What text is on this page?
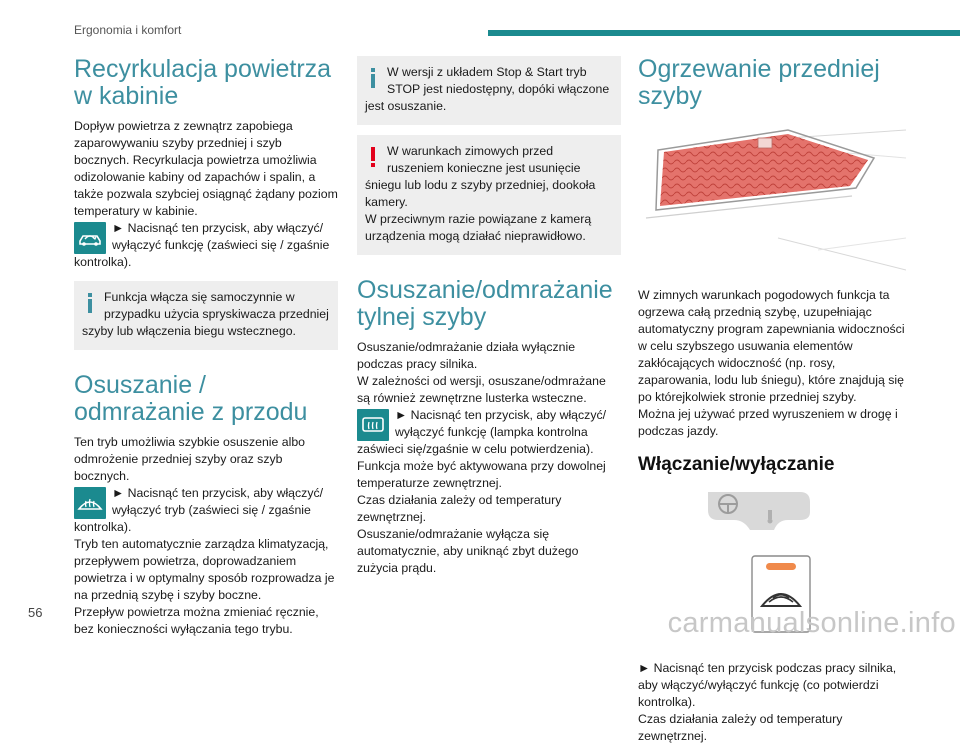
Ergonomia i komfort
Recyrkulacja powietrza w kabinie

Dopływ powietrza z zewnątrz zapobiega zaparowywaniu szyby przedniej i szyb bocznych. Recyrkulacja powietrza umożliwia odizolowanie kabiny od zapachów i spalin, a także pozwala szybciej osiągnąć żądany poziom temperatury w kabinie.

► Nacisnąć ten przycisk, aby włączyć/ wyłączyć funkcję (zaświeci się / zgaśnie kontrolka).

Funkcja włącza się samoczynnie w przypadku użycia spryskiwacza przedniej szyby lub włączenia biegu wstecznego.

Osuszanie / odmrażanie z przodu

Ten tryb umożliwia szybkie osuszenie albo odmrożenie przedniej szyby oraz szyb bocznych.

► Nacisnąć ten przycisk, aby włączyć/ wyłączyć tryb (zaświeci się / zgaśnie kontrolka).

Tryb ten automatycznie zarządza klimatyzacją, przepływem powietrza, doprowadzaniem powietrza i w optymalny sposób rozprowadza je na przednią szybę i szyby boczne.

Przepływ powietrza można zmieniać ręcznie, bez konieczności wyłączania tego trybu.

W wersji z układem Stop & Start tryb STOP jest niedostępny, dopóki włączone jest osuszanie.

W warunkach zimowych przed ruszeniem konieczne jest usunięcie śniegu lub lodu z szyby przedniej, dookoła kamery.

W przeciwnym razie powiązane z kamerą urządzenia mogą działać nieprawidłowo.

Osuszanie/odmrażanie tylnej szyby

Osuszanie/odmrażanie działa wyłącznie podczas pracy silnika.

W zależności od wersji, osuszane/odmrażane są również zewnętrzne lusterka wsteczne.

► Nacisnąć ten przycisk, aby włączyć/ wyłączyć funkcję (lampka kontrolna zaświeci się/zgaśnie w celu potwierdzenia).

Funkcja może być aktywowana przy dowolnej temperaturze zewnętrznej.

Czas działania zależy od temperatury zewnętrznej.

Osuszanie/odmrażanie wyłącza się automatycznie, aby uniknąć zbyt dużego zużycia prądu.

Ogrzewanie przedniej szyby

W zimnych warunkach pogodowych funkcja ta ogrzewa całą przednią szybę, uzupełniając automatyczny program zapewniania widoczności w celu szybszego usuwania elementów zakłócających widoczność (np. rosy, zaparowania, lodu lub śniegu), które znajdują się po którejkolwiek stronie przedniej szyby.

Można jej używać przed wyruszeniem w drogę i podczas jazdy.

Włączanie/wyłączanie

► Nacisnąć ten przycisk podczas pracy silnika, aby włączyć/wyłączyć funkcję (co potwierdzi kontrolka).

Czas działania zależy od temperatury zewnętrznej.

56	carmanualsonline.info
